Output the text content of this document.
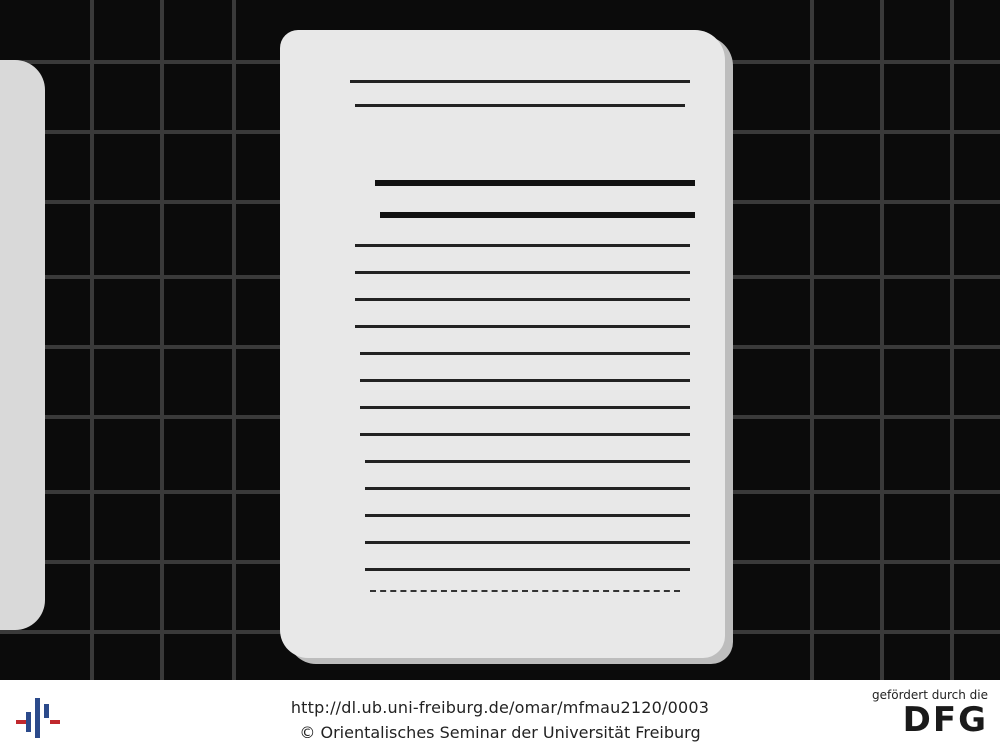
http://dl.ub.uni-freiburg.de/omar/mfmau2120/0003
© Orientalisches Seminar der Universität Freiburg
gefördert durch die
DFG
